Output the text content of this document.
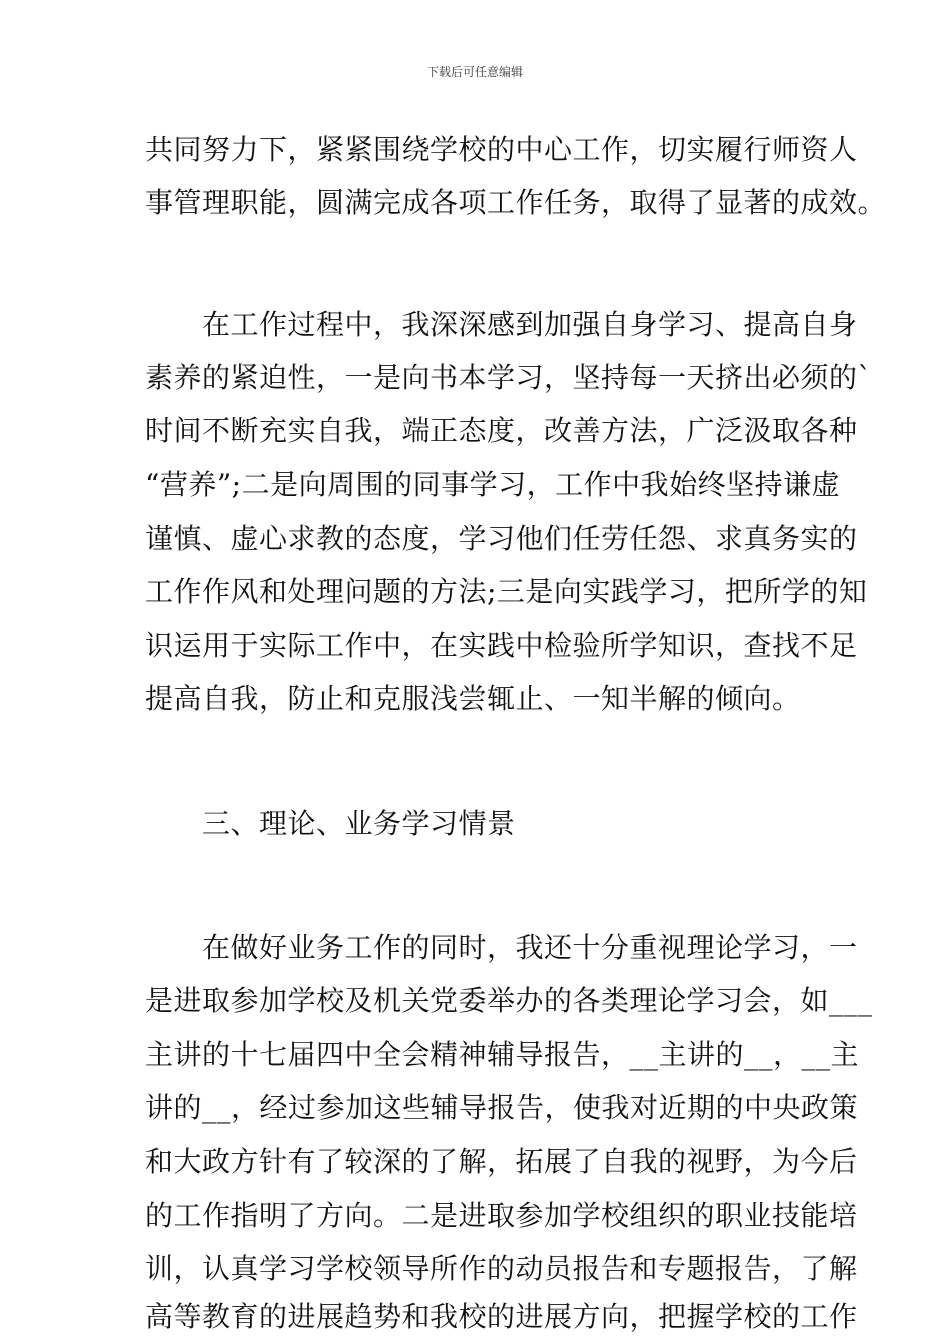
下载后可任意编辑
共同努力下，紧紧围绕学校的中心工作，切实履行师资人
事管理职能，圆满完成各项工作任务，取得了显著的成效。
　　在工作过程中，我深深感到加强自身学习、提高自身
素养的紧迫性，一是向书本学习，坚持每一天挤出必须的`
时间不断充实自我，端正态度，改善方法，广泛汲取各种
“营养”;二是向周围的同事学习，工作中我始终坚持谦虚
谨慎、虚心求教的态度，学习他们任劳任怨、求真务实的
工作作风和处理问题的方法;三是向实践学习，把所学的知
识运用于实际工作中，在实践中检验所学知识，查找不足
提高自我，防止和克服浅尝辄止、一知半解的倾向。
　　三、理论、业务学习情景
　　在做好业务工作的同时，我还十分重视理论学习，一
是进取参加学校及机关党委举办的各类理论学习会，如___
主讲的十七届四中全会精神辅导报告，__主讲的__，__主
讲的__，经过参加这些辅导报告，使我对近期的中央政策
和大政方针有了较深的了解，拓展了自我的视野，为今后
的工作指明了方向。二是进取参加学校组织的职业技能培
训，认真学习学校领导所作的动员报告和专题报告，了解
高等教育的进展趋势和我校的进展方向，把握学校的工作
